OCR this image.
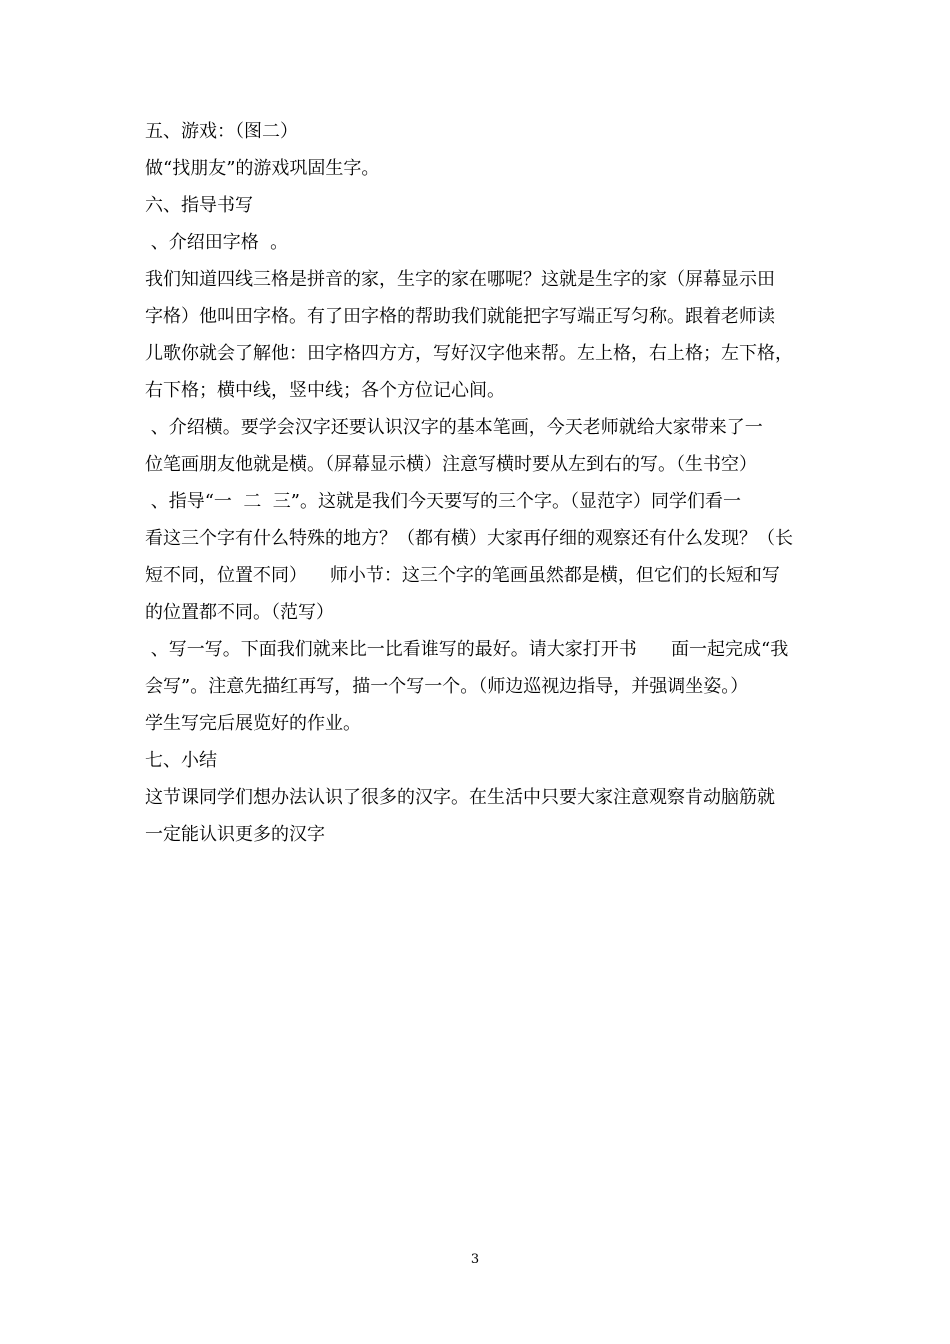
五、游戏：（图二）
做“找朋友”的游戏巩固生字。
六、指导书写
、介绍田字格  。
我们知道四线三格是拼音的家，生字的家在哪呢？这就是生字的家（屏幕显示田
字格）他叫田字格。有了田字格的帮助我们就能把字写端正写匀称。跟着老师读
儿歌你就会了解他：田字格四方方，写好汉字他来帮。左上格，右上格；左下格，
右下格；横中线，竖中线；各个方位记心间。
、介绍横。要学会汉字还要认识汉字的基本笔画，今天老师就给大家带来了一
位笔画朋友他就是横。（屏幕显示横）注意写横时要从左到右的写。（生书空）
、指导“一  二  三”。这就是我们今天要写的三个字。（显范字）同学们看一
看这三个字有什么特殊的地方？（都有横）大家再仔细的观察还有什么发现？（长
短不同，位置不同）    师小节：这三个字的笔画虽然都是横，但它们的长短和写
的位置都不同。（范写）
、写一写。下面我们就来比一比看谁写的最好。请大家打开书      面一起完成“我
会写”。注意先描红再写，描一个写一个。（师边巡视边指导，并强调坐姿。）
学生写完后展览好的作业。
七、小结
这节课同学们想办法认识了很多的汉字。在生活中只要大家注意观察肯动脑筋就
一定能认识更多的汉字
3
